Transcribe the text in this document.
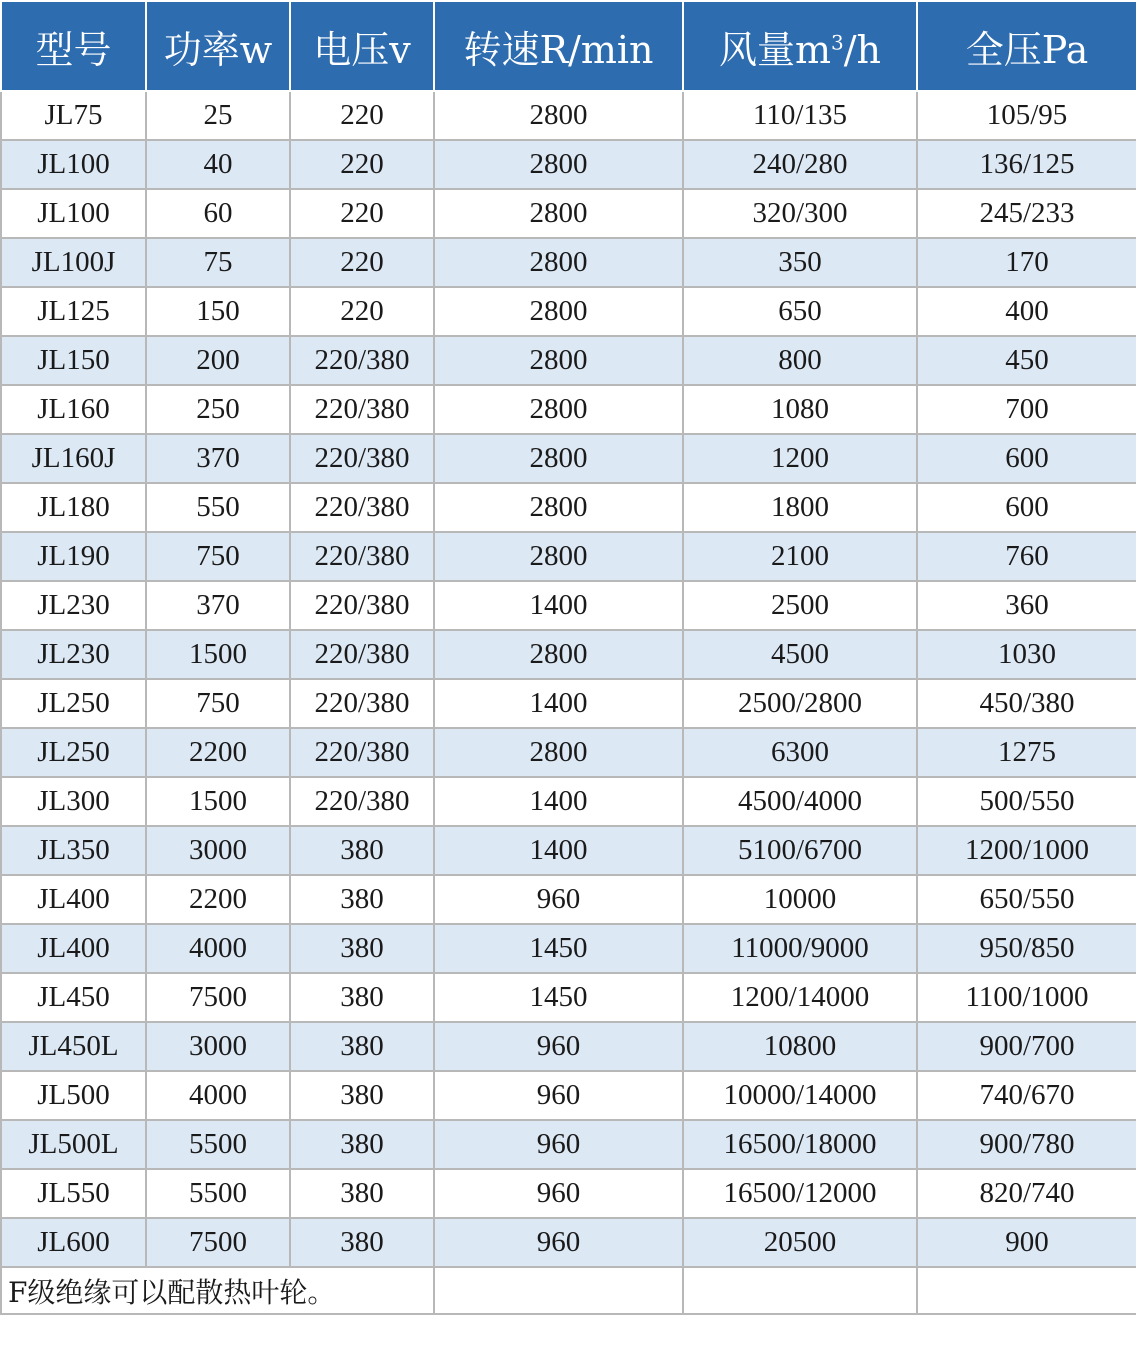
型号	功率w	电压v	转速R/min	风量$m^3/h$	全压Pa
JL75	25	220	2800	110/135	105/95
JL100	40	220	2800	240/280	136/125
JL100	60	220	2800	320/300	245/233
JL100J	75	220	2800	350	170
JL125	150	220	2800	650	400
JL150	200	220/380	2800	800	450
JL160	250	220/380	2800	1080	700
JL160J	370	220/380	2800	1200	600
JL180	550	220/380	2800	1800	600
JL190	750	220/380	2800	2100	760
JL230	370	220/380	1400	2500	360
JL230	1500	220/380	2800	4500	1030
JL250	750	220/380	1400	2500/2800	450/380
JL250	2200	220/380	2800	6300	1275
JL300	1500	220/380	1400	4500/4000	500/550
JL350	3000	380	1400	5100/6700	1200/1000
JL400	2200	380	960	10000	650/550
JL400	4000	380	1450	11000/9000	950/850
JL450	7500	380	1450	1200/14000	1100/1000
JL450L	3000	380	960	10800	900/700
JL500	4000	380	960	10000/14000	740/670
JL500L	5500	380	960	16500/18000	900/780
JL550	5500	380	960	16500/12000	820/740
JL600	7500	380	960	20500	900
F级绝缘可以配散热叶轮。					
